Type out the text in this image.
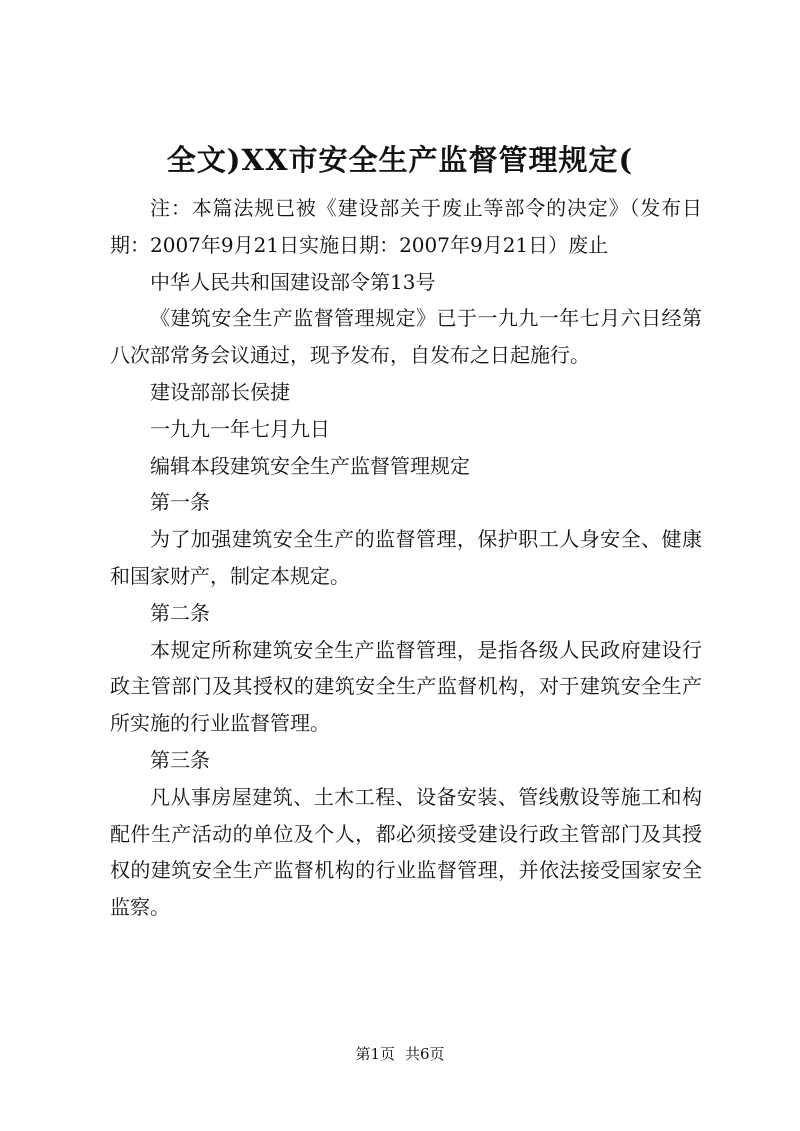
全文)XX市安全生产监督管理规定(

注：本篇法规已被《建设部关于废止等部令的决定》（发布日期：2007年9月21日实施日期：2007年9月21日）废止

中华人民共和国建设部令第13号

《建筑安全生产监督管理规定》已于一九九一年七月六日经第八次部常务会议通过，现予发布，自发布之日起施行。

建设部部长侯捷

一九九一年七月九日

编辑本段建筑安全生产监督管理规定

第一条

为了加强建筑安全生产的监督管理，保护职工人身安全、健康和国家财产，制定本规定。

第二条

本规定所称建筑安全生产监督管理，是指各级人民政府建设行政主管部门及其授权的建筑安全生产监督机构，对于建筑安全生产所实施的行业监督管理。

第三条

凡从事房屋建筑、土木工程、设备安装、管线敷设等施工和构配件生产活动的单位及个人，都必须接受建设行政主管部门及其授权的建筑安全生产监督机构的行业监督管理，并依法接受国家安全监察。

第1页 共6页
